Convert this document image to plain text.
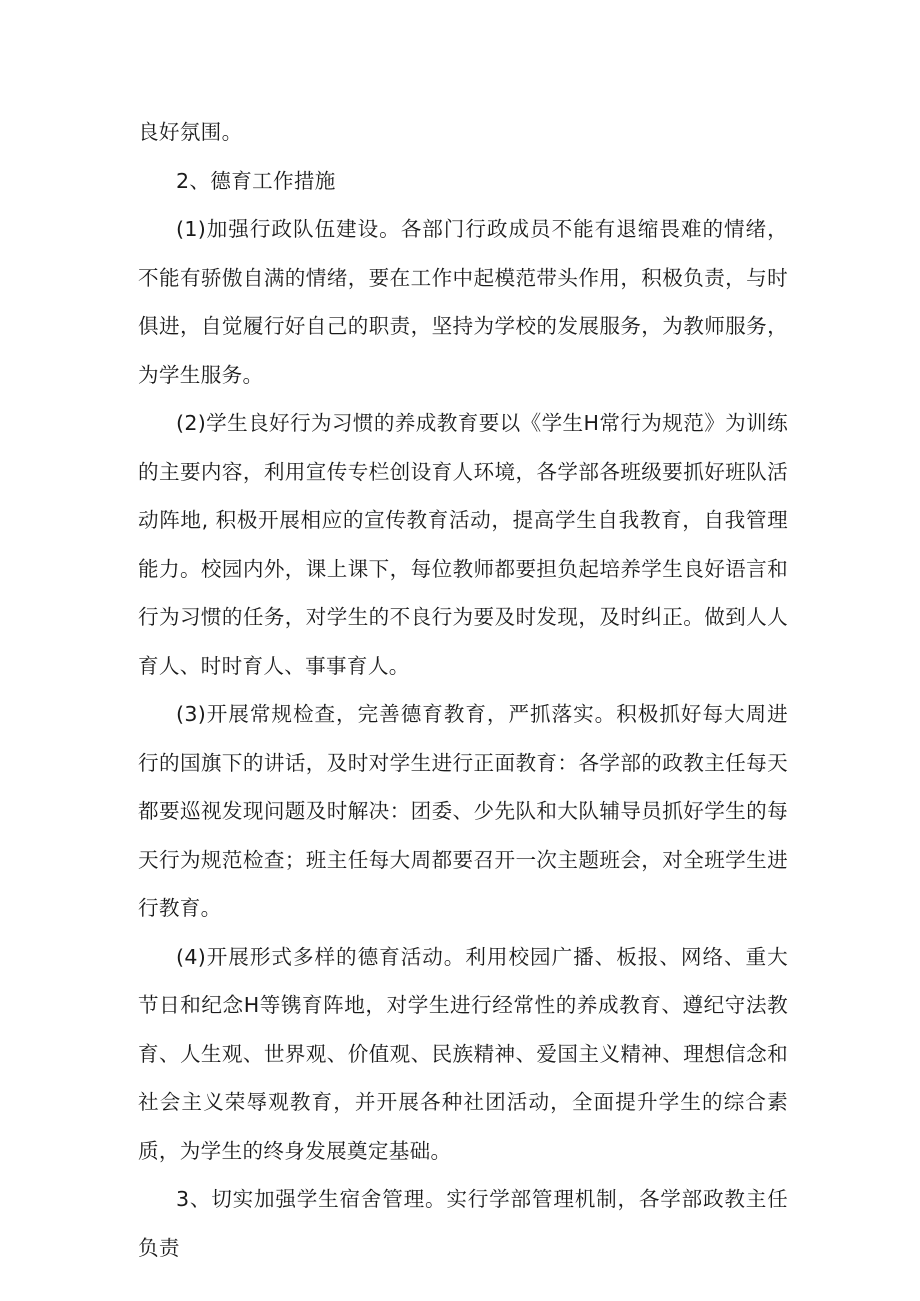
良好氛围。

2、德育工作措施

(1)加强行政队伍建设。各部门行政成员不能有退缩畏难的情绪，不能有骄傲自满的情绪，要在工作中起模范带头作用，积极负责，与时俱进，自觉履行好自己的职责，坚持为学校的发展服务，为教师服务，为学生服务。

(2)学生良好行为习惯的养成教育要以《学生H常行为规范》为训练的主要内容，利用宣传专栏创设育人环境，各学部各班级要抓好班队活动阵地, 积极开展相应的宣传教育活动，提高学生自我教育，自我管理能力。校园内外，课上课下，每位教师都要担负起培养学生良好语言和行为习惯的任务，对学生的不良行为要及时发现，及时纠正。做到人人育人、时时育人、事事育人。

(3)开展常规检查，完善德育教育，严抓落实。积极抓好每大周进行的国旗下的讲话，及时对学生进行正面教育：各学部的政教主任每天都要巡视发现问题及时解决：团委、少先队和大队辅导员抓好学生的每天行为规范检查；班主任每大周都要召开一次主题班会，对全班学生进行教育。

(4)开展形式多样的德育活动。利用校园广播、板报、网络、重大节日和纪念H等镌育阵地，对学生进行经常性的养成教育、遵纪守法教育、人生观、世界观、价值观、民族精神、爱国主义精神、理想信念和社会主义荣辱观教育，并开展各种社团活动，全面提升学生的综合素质，为学生的终身发展奠定基础。

3、切实加强学生宿舍管理。实行学部管理机制，各学部政教主任负责
